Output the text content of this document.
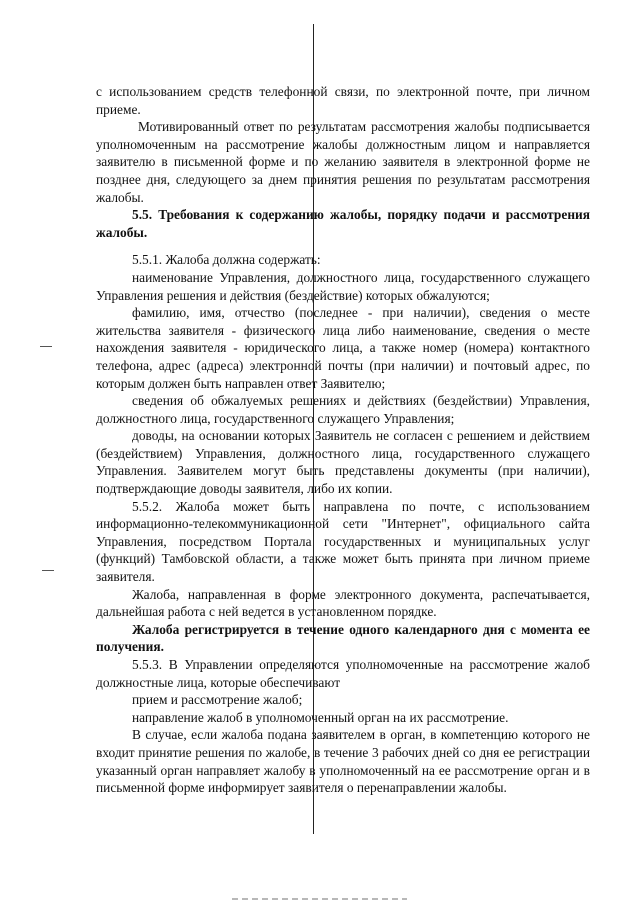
с использованием средств телефонной связи, по электронной почте, при личном приеме.

Мотивированный ответ по результатам рассмотрения жалобы подписывается уполномоченным на рассмотрение жалобы должностным лицом и направляется заявителю в письменной форме и по желанию заявителя в электронной форме не позднее дня, следующего за днем принятия решения по результатам рассмотрения жалобы.

5.5. Требования к содержанию жалобы, порядку подачи и рассмотрения жалобы.

5.5.1. Жалоба должна содержать:

наименование Управления, должностного лица, государственного служащего Управления решения и действия (бездействие) которых обжалуются;

фамилию, имя, отчество (последнее - при наличии), сведения о месте жительства заявителя - физического лица либо наименование, сведения о месте нахождения заявителя - юридического лица, а также номер (номера) контактного телефона, адрес (адреса) электронной почты (при наличии) и почтовый адрес, по которым должен быть направлен ответ Заявителю;

сведения об обжалуемых решениях и действиях (бездействии) Управления, должностного лица, государственного служащего Управления;

доводы, на основании которых Заявитель не согласен с решением и действием (бездействием) Управления, должностного лица, государственного служащего Управления. Заявителем могут быть представлены документы (при наличии), подтверждающие доводы заявителя, либо их копии.

5.5.2. Жалоба может быть направлена по почте, с использованием информационно-телекоммуникационной сети "Интернет", официального сайта Управления, посредством Портала государственных и муниципальных услуг (функций) Тамбовской области, а также может быть принята при личном приеме заявителя.

Жалоба, направленная в форме электронного документа, распечатывается, дальнейшая работа с ней ведется в установленном порядке.

Жалоба регистрируется в течение одного календарного дня с момента ее получения.

5.5.3. В Управлении определяются уполномоченные на рассмотрение жалоб должностные лица, которые обеспечивают

прием и рассмотрение жалоб;

направление жалоб в уполномоченный орган на их рассмотрение.

В случае, если жалоба подана заявителем в орган, в компетенцию которого не входит принятие решения по жалобе, в течение 3 рабочих дней со дня ее регистрации указанный орган направляет жалобу в уполномоченный на ее рассмотрение орган и в письменной форме информирует заявителя о перенаправлении жалобы.
